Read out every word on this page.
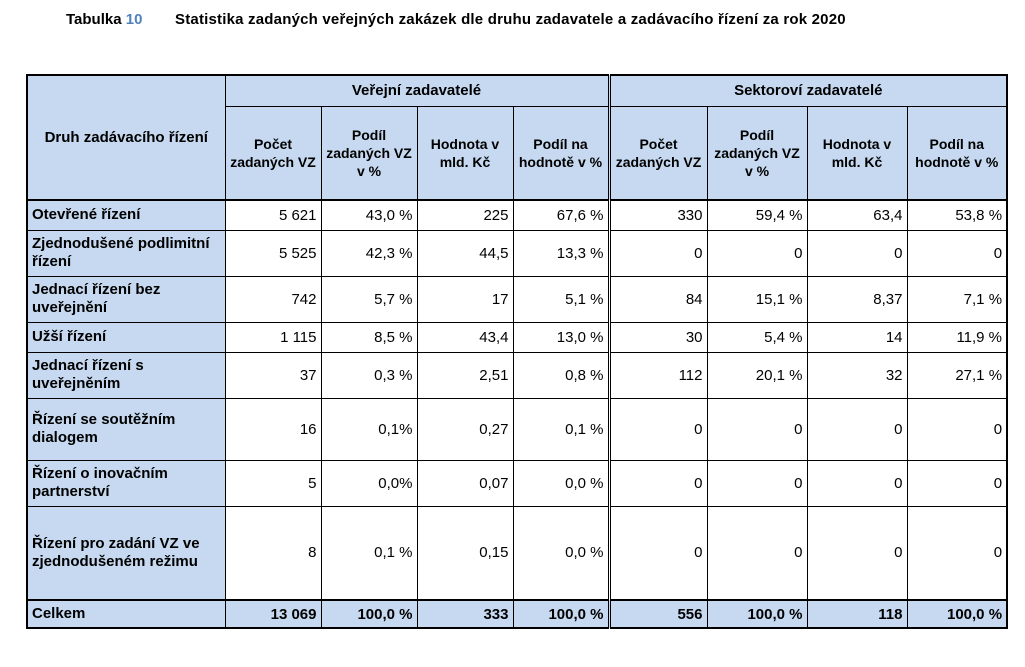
Tabulka 10 Statistika zadaných veřejných zakázek dle druhu zadavatele a zadávacího řízení za rok 2020
Druh zadávacího řízení	Veřejní zadavatelé				Sektoroví zadavatelé			
	Počet zadaných VZ	Podíl zadaných VZ v %	Hodnota v mld. Kč	Podíl na hodnotě v %	Počet zadaných VZ	Podíl zadaných VZ v %	Hodnota v mld. Kč	Podíl na hodnotě v %
Otevřené řízení	5 621	43,0 %	225	67,6 %	330	59,4 %	63,4	53,8 %
Zjednodušené podlimitní řízení	5 525	42,3 %	44,5	13,3 %	0	0	0	0
Jednací řízení bez uveřejnění	742	5,7 %	17	5,1 %	84	15,1 %	8,37	7,1 %
Užší řízení	1 115	8,5 %	43,4	13,0 %	30	5,4 %	14	11,9 %
Jednací řízení s uveřejněním	37	0,3 %	2,51	0,8 %	112	20,1 %	32	27,1 %
Řízení se soutěžním dialogem	16	0,1%	0,27	0,1 %	0	0	0	0
Řízení o inovačním partnerství	5	0,0%	0,07	0,0 %	0	0	0	0
Řízení pro zadání VZ ve zjednodušeném režimu	8	0,1 %	0,15	0,0 %	0	0	0	0
Celkem	13 069	100,0 %	333	100,0 %	556	100,0 %	118	100,0 %
